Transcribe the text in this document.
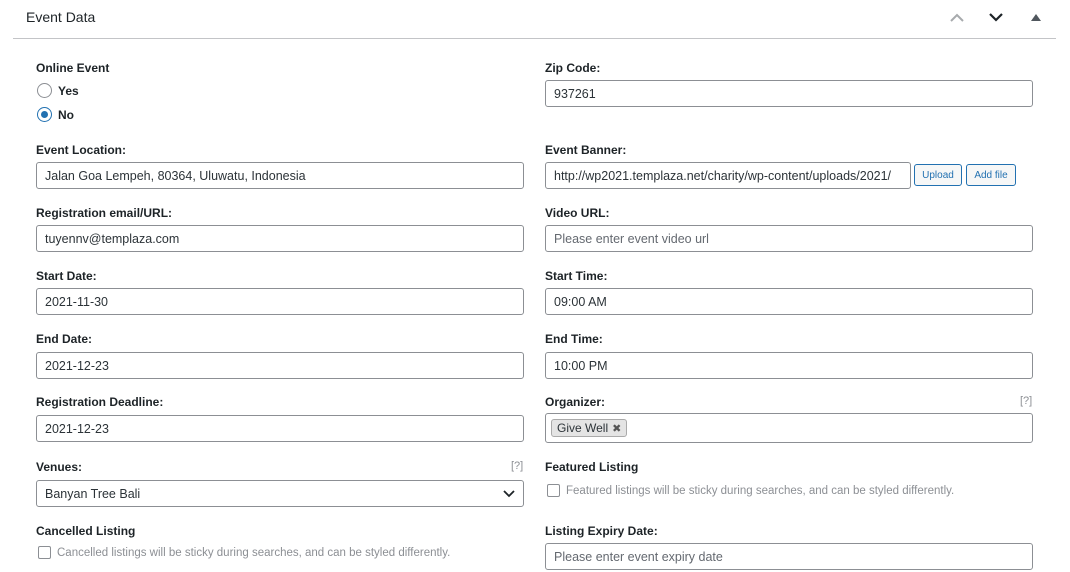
Event Data
Online Event
Yes
No
Zip Code:
937261
Event Location:
Jalan Goa Lempeh, 80364, Uluwatu, Indonesia
Event Banner:
http://wp2021.templaza.net/charity/wp-content/uploads/2021/	Upload	Add file
Registration email/URL:
tuyennv@templaza.com
Video URL:
Please enter event video url
Start Date:
2021-11-30
Start Time:
09:00 AM
End Date:
2021-12-23
End Time:
10:00 PM
Registration Deadline:
2021-12-23
Organizer:	[?]
Give Well ✖
Venues:	[?]
Banyan Tree Bali
Featured Listing
Featured listings will be sticky during searches, and can be styled differently.
Cancelled Listing
Cancelled listings will be sticky during searches, and can be styled differently.
Listing Expiry Date:
Please enter event expiry date
